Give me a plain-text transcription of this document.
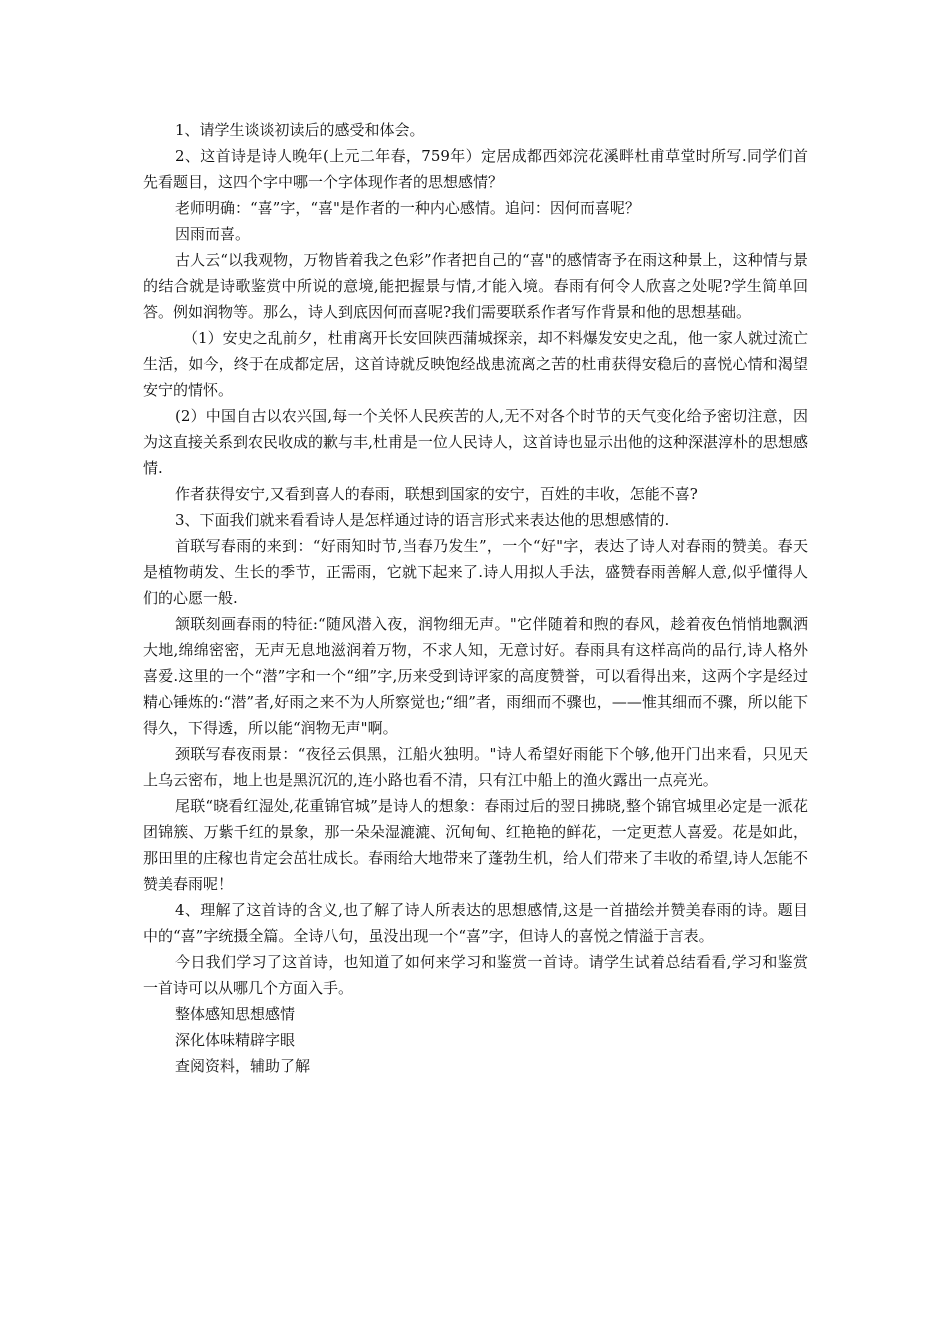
1、请学生谈谈初读后的感受和体会。

2、这首诗是诗人晚年(上元二年春，759年）定居成都西郊浣花溪畔杜甫草堂时所写.同学们首先看题目，这四个字中哪一个字体现作者的思想感情？

老师明确：“喜”字，“喜"是作者的一种内心感情。追问：因何而喜呢？

因雨而喜。

古人云“以我观物，万物皆着我之色彩”作者把自己的“喜"的感情寄予在雨这种景上，这种情与景的结合就是诗歌鉴赏中所说的意境,能把握景与情,才能入境。春雨有何令人欣喜之处呢?学生简单回答。例如润物等。那么，诗人到底因何而喜呢?我们需要联系作者写作背景和他的思想基础。

（1）安史之乱前夕，杜甫离开长安回陕西蒲城探亲，却不料爆发安史之乱，他一家人就过流亡生活，如今，终于在成都定居，这首诗就反映饱经战患流离之苦的杜甫获得安稳后的喜悦心情和渴望安宁的情怀。

(2）中国自古以农兴国,每一个关怀人民疾苦的人,无不对各个时节的天气变化给予密切注意，因为这直接关系到农民收成的歉与丰,杜甫是一位人民诗人，这首诗也显示出他的这种深湛淳朴的思想感情.

作者获得安宁,又看到喜人的春雨，联想到国家的安宁，百姓的丰收，怎能不喜?

3、下面我们就来看看诗人是怎样通过诗的语言形式来表达他的思想感情的.

首联写春雨的来到：“好雨知时节,当春乃发生”，一个“好"字，表达了诗人对春雨的赞美。春天是植物萌发、生长的季节，正需雨，它就下起来了.诗人用拟人手法，盛赞春雨善解人意,似乎懂得人们的心愿一般.

颔联刻画春雨的特征:“随风潜入夜，润物细无声。"它伴随着和煦的春风，趁着夜色悄悄地飘洒大地,绵绵密密，无声无息地滋润着万物，不求人知，无意讨好。春雨具有这样高尚的品行,诗人格外喜爱.这里的一个“潜”字和一个“细”字,历来受到诗评家的高度赞誉，可以看得出来，这两个字是经过精心锤炼的:“潜”者,好雨之来不为人所察觉也;“细”者，雨细而不骤也，——惟其细而不骤，所以能下得久，下得透，所以能“润物无声"啊。

颈联写春夜雨景：“夜径云俱黑，江船火独明。"诗人希望好雨能下个够,他开门出来看，只见天上乌云密布，地上也是黑沉沉的,连小路也看不清，只有江中船上的渔火露出一点亮光。

尾联“晓看红湿处,花重锦官城”是诗人的想象：春雨过后的翌日拂晓,整个锦官城里必定是一派花团锦簇、万紫千红的景象，那一朵朵湿漉漉、沉甸甸、红艳艳的鲜花，一定更惹人喜爱。花是如此，那田里的庄稼也肯定会茁壮成长。春雨给大地带来了蓬勃生机，给人们带来了丰收的希望,诗人怎能不赞美春雨呢！

4、理解了这首诗的含义,也了解了诗人所表达的思想感情,这是一首描绘并赞美春雨的诗。题目中的“喜”字统摄全篇。全诗八句，虽没出现一个“喜”字，但诗人的喜悦之情溢于言表。

今日我们学习了这首诗，也知道了如何来学习和鉴赏一首诗。请学生试着总结看看,学习和鉴赏一首诗可以从哪几个方面入手。

整体感知思想感情
深化体味精辟字眼
查阅资料，辅助了解
